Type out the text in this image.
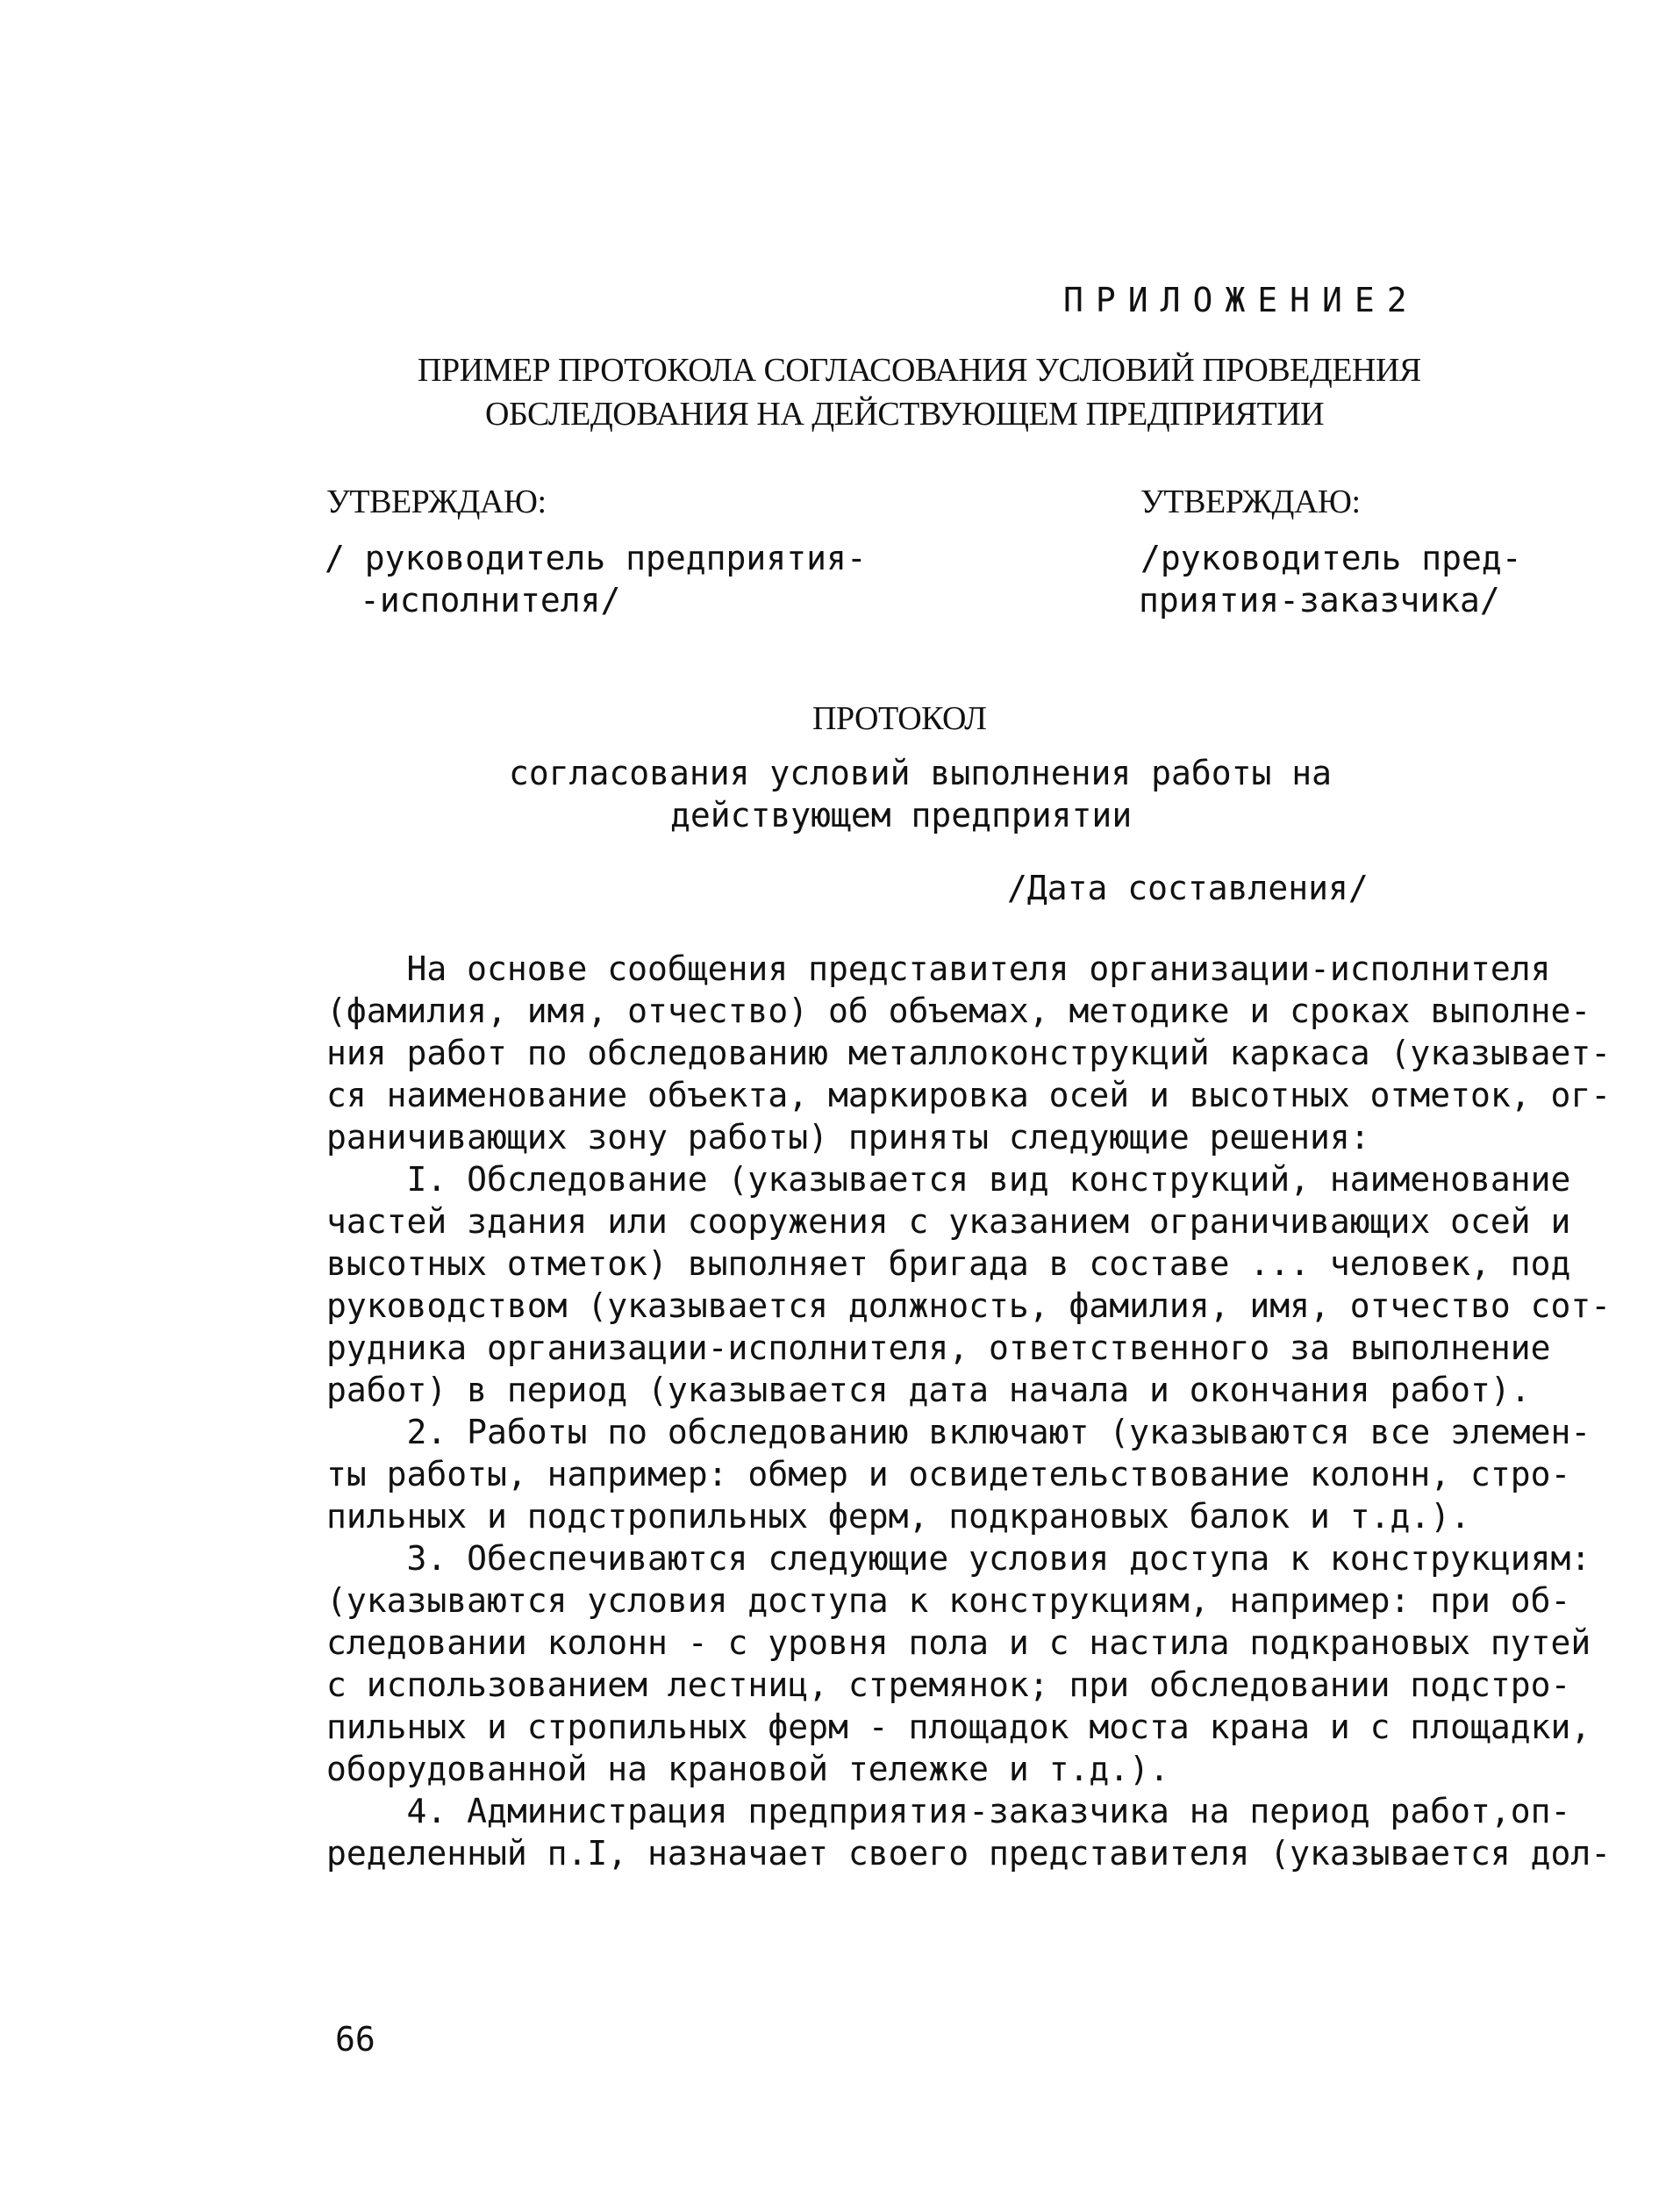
ПРИЛОЖЕНИЕ2
ПРИМЕР ПРОТОКОЛА СОГЛАСОВАНИЯ УСЛОВИЙ ПРОВЕДЕНИЯ
ОБСЛЕДОВАНИЯ НА ДЕЙСТВУЮЩЕМ ПРЕДПРИЯТИИ
УТВЕРЖДАЮ:	УТВЕРЖДАЮ:
/ руководитель предприятия-
-исполнителя/
/руководитель пред-
приятия-заказчика/
ПРОТОКОЛ
согласования условий выполнения работы на
действующем предприятии
/Дата составления/
На основе сообщения представителя организации-исполнителя
(фамилия, имя, отчество) об объемах, методике и сроках выполне-
ния работ по обследованию металлоконструкций каркаса (указывает-
ся наименование объекта, маркировка осей и высотных отметок, ог-
раничивающих зону работы) приняты следующие решения:
I. Обследование (указывается вид конструкций, наименование
частей здания или сооружения с указанием ограничивающих осей и
высотных отметок) выполняет бригада в составе ... человек, под
руководством (указывается должность, фамилия, имя, отчество сот-
рудника организации-исполнителя, ответственного за выполнение
работ) в период (указывается дата начала и окончания работ).
2. Работы по обследованию включают (указываются все элемен-
ты работы, например: обмер и освидетельствование колонн, стро-
пильных и подстропильных ферм, подкрановых балок и т.д.).
3. Обеспечиваются следующие условия доступа к конструкциям:
(указываются условия доступа к конструкциям, например: при об-
следовании колонн - с уровня пола и с настила подкрановых путей
с использованием лестниц, стремянок; при обследовании подстро-
пильных и стропильных ферм - площадок моста крана и с площадки,
оборудованной на крановой тележке и т.д.).
4. Администрация предприятия-заказчика на период работ,оп-
ределенный п.I, назначает своего представителя (указывается дол-
66
